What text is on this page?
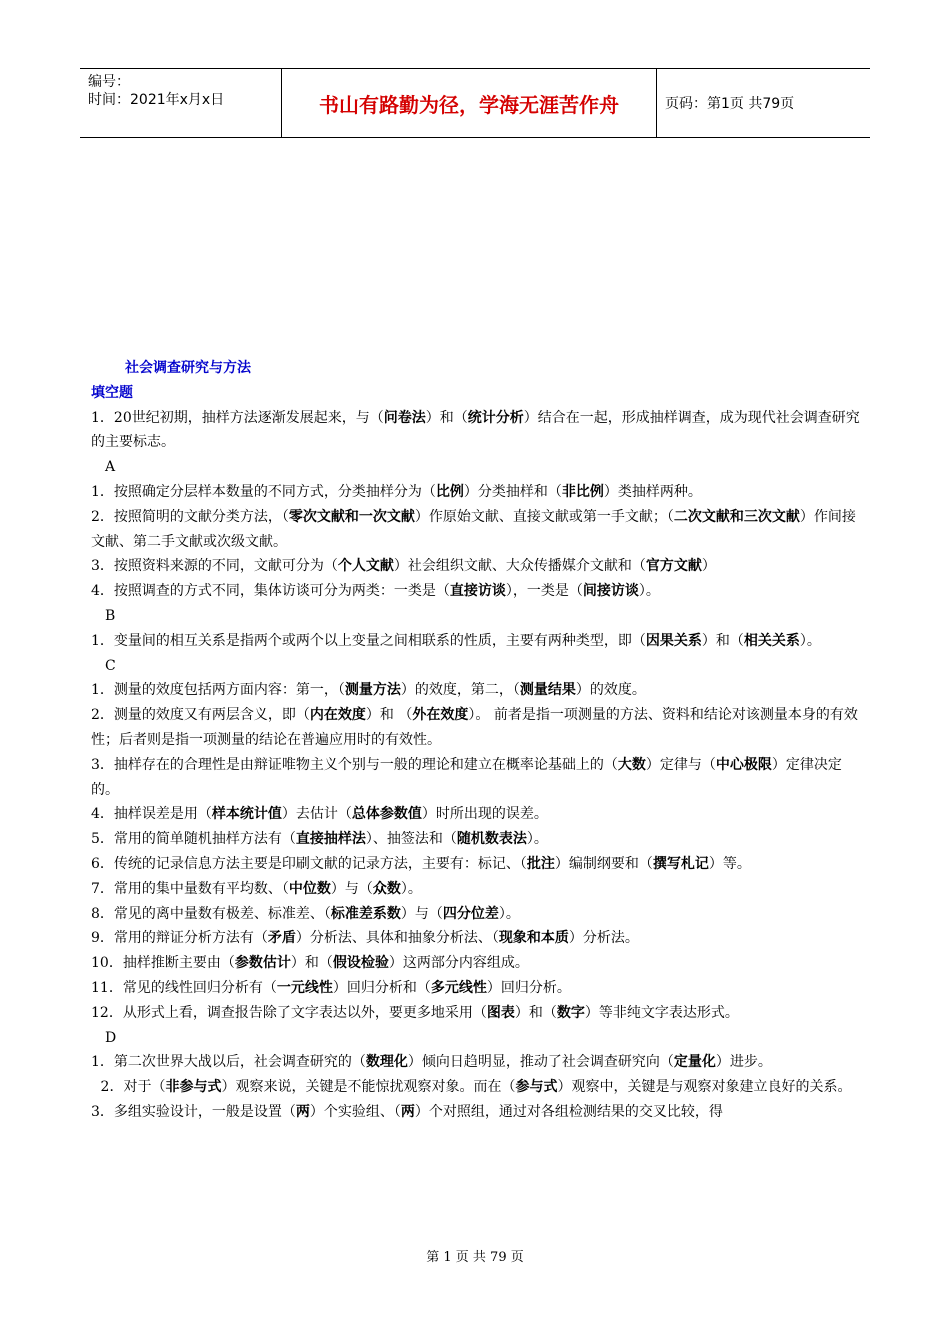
编号：
时间：2021年x月x日	书山有路勤为径，学海无涯苦作舟	页码：第1页 共79页
社会调查研究与方法
填空题

1．20世纪初期，抽样方法逐渐发展起来，与（问卷法）和（统计分析）结合在一起，形成抽样调查，成为现代社会调查研究的主要标志。

A

1．按照确定分层样本数量的不同方式，分类抽样分为（比例）分类抽样和（非比例）类抽样两种。

2．按照简明的文献分类方法，（零次文献和一次文献）作原始文献、直接文献或第一手文献；（二次文献和三次文献）作间接文献、第二手文献或次级文献。

3．按照资料来源的不同，文献可分为（个人文献）社会组织文献、大众传播媒介文献和（官方文献）

4．按照调查的方式不同，集体访谈可分为两类：一类是（直接访谈），一类是（间接访谈）。

B

1．变量间的相互关系是指两个或两个以上变量之间相联系的性质，主要有两种类型，即（因果关系）和（相关关系）。

C

1．测量的效度包括两方面内容：第一，（测量方法）的效度，第二，（测量结果）的效度。

2．测量的效度又有两层含义，即（内在效度）和 （外在效度）。 前者是指一项测量的方法、资料和结论对该测量本身的有效性；后者则是指一项测量的结论在普遍应用时的有效性。

3．抽样存在的合理性是由辩证唯物主义个别与一般的理论和建立在概率论基础上的（大数）定律与（中心极限）定律决定的。

4．抽样误差是用（样本统计值）去估计（总体参数值）时所出现的误差。

5．常用的简单随机抽样方法有（直接抽样法）、抽签法和（随机数表法）。

6．传统的记录信息方法主要是印刷文献的记录方法，主要有：标记、（批注）编制纲要和（撰写札记）等。

7．常用的集中量数有平均数、（中位数）与（众数）。

8．常见的离中量数有极差、标准差、（标准差系数）与（四分位差）。

9．常用的辩证分析方法有（矛盾）分析法、具体和抽象分析法、（现象和本质）分析法。

10．抽样推断主要由（参数估计）和（假设检验）这两部分内容组成。

11．常见的线性回归分析有（一元线性）回归分析和（多元线性）回归分析。

12．从形式上看，调查报告除了文字表达以外，要更多地采用（图表）和（数字）等非纯文字表达形式。

D

1．第二次世界大战以后，社会调查研究的（数理化）倾向日趋明显，推动了社会调查研究向（定量化）进步。

2．对于（非参与式）观察来说，关键是不能惊扰观察对象。而在（参与式）观察中，关键是与观察对象建立良好的关系。

3．多组实验设计，一般是设置（两）个实验组、（两）个对照组，通过对各组检测结果的交叉比较，得

第 1 页 共 79 页
